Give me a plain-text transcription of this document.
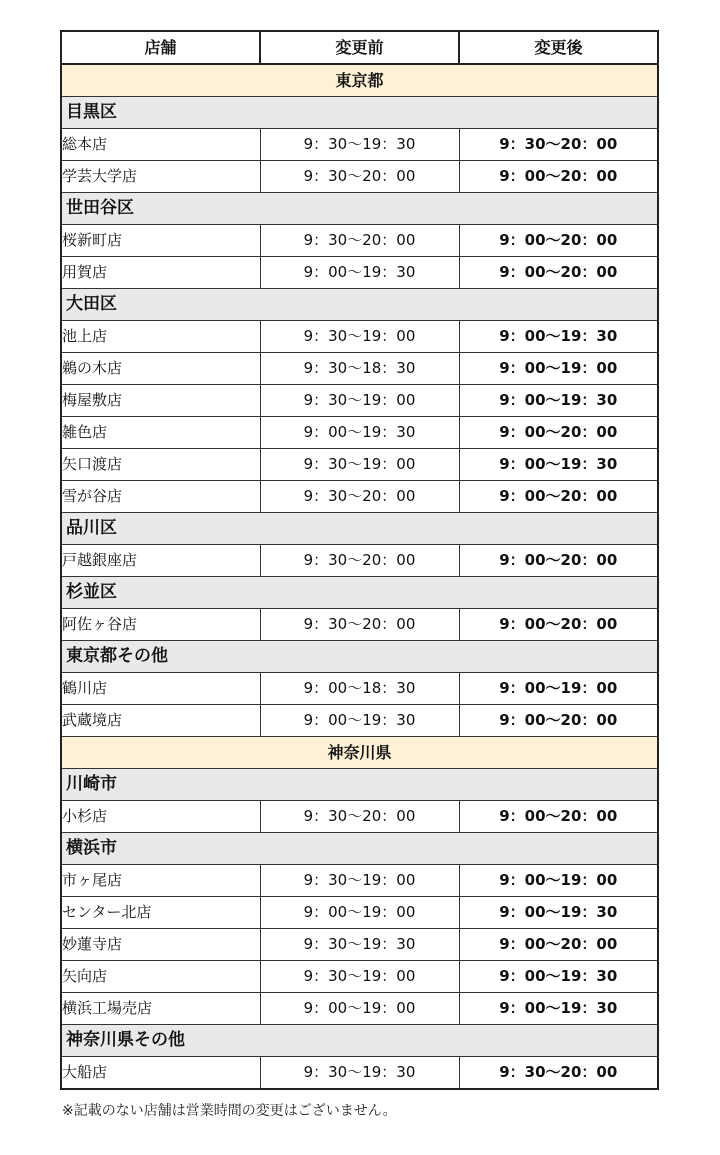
店舗	変更前	変更後
東京都		
目黒区		
総本店	9：30〜19：30	9：30〜20：00
学芸大学店	9：30〜20：00	9：00〜20：00
世田谷区		
桜新町店	9：30〜20：00	9：00〜20：00
用賀店	9：00〜19：30	9：00〜20：00
大田区		
池上店	9：30〜19：00	9：00〜19：30
鵜の木店	9：30〜18：30	9：00〜19：00
梅屋敷店	9：30〜19：00	9：00〜19：30
雑色店	9：00〜19：30	9：00〜20：00
矢口渡店	9：30〜19：00	9：00〜19：30
雪が谷店	9：30〜20：00	9：00〜20：00
品川区		
戸越銀座店	9：30〜20：00	9：00〜20：00
杉並区		
阿佐ヶ谷店	9：30〜20：00	9：00〜20：00
東京都その他		
鶴川店	9：00〜18：30	9：00〜19：00
武蔵境店	9：00〜19：30	9：00〜20：00
神奈川県		
川崎市		
小杉店	9：30〜20：00	9：00〜20：00
横浜市		
市ヶ尾店	9：30〜19：00	9：00〜19：00
センター北店	9：00〜19：00	9：00〜19：30
妙蓮寺店	9：30〜19：30	9：00〜20：00
矢向店	9：30〜19：00	9：00〜19：30
横浜工場売店	9：00〜19：00	9：00〜19：30
神奈川県その他		
大船店	9：30〜19：30	9：30〜20：00
※記載のない店舗は営業時間の変更はございません。
